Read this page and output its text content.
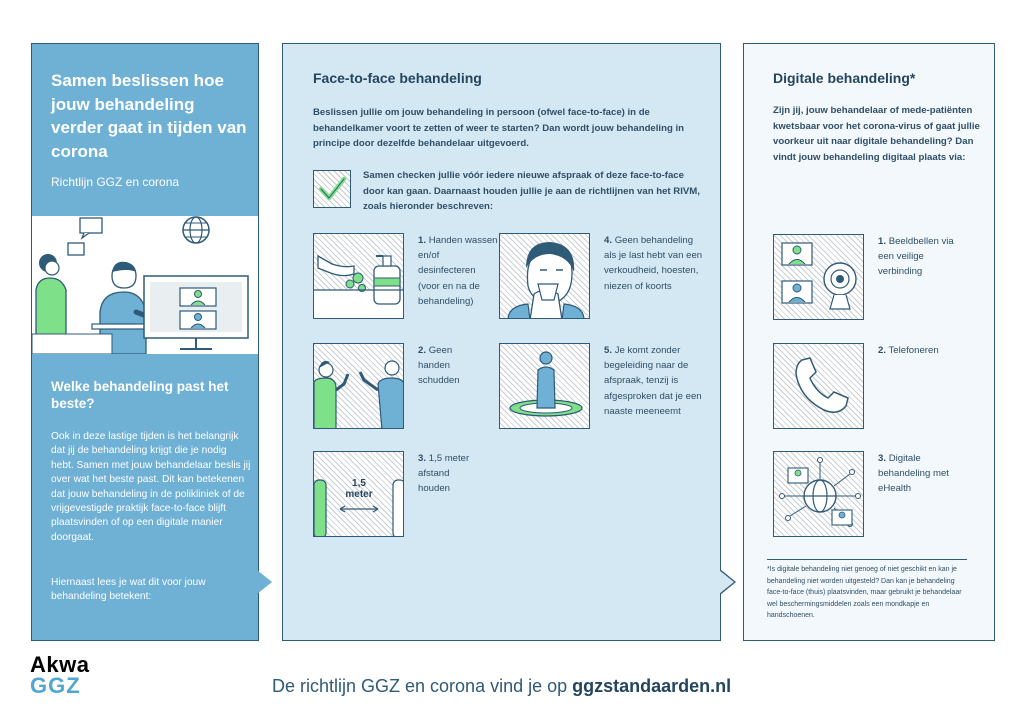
Samen beslissen hoe jouw behandeling verder gaat in tijden van corona
Richtlijn GGZ en corona
Welke behandeling past het beste?
Ook in deze lastige tijden is het belangrijk dat jij de behandeling krijgt die je nodig hebt. Samen met jouw behandelaar beslis jij over wat het beste past. Dit kan betekenen dat jouw behandeling in de polikliniek of de vrijgevestigde praktijk face-to-face blijft plaatsvinden of op een digitale manier doorgaat.
Hiernaast lees je wat dit voor jouw behandeling betekent:
Face-to-face behandeling
Beslissen jullie om jouw behandeling in persoon (ofwel face-to-face) in de behandelkamer voort te zetten of weer te starten? Dan wordt jouw behandeling in principe door dezelfde behandelaar uitgevoerd.
Samen checken jullie vóór iedere nieuwe afspraak of deze face-to-face door kan gaan. Daarnaast houden jullie je aan de richtlijnen van het RIVM, zoals hieronder beschreven:
1. Handen wassen en/of desinfecteren (voor en na de behandeling)
2. Geen handen schudden
1,5
meter
3. 1,5 meter afstand houden
4. Geen behandeling als je last hebt van een verkoudheid, hoesten, niezen of koorts
5. Je komt zonder begeleiding naar de afspraak, tenzij is afgesproken dat je een naaste meeneemt
Digitale behandeling*
Zijn jij, jouw behandelaar of mede-patiënten kwetsbaar voor het corona-virus of gaat jullie voorkeur uit naar digitale behandeling? Dan vindt jouw behandeling digitaal plaats via:
1. Beeldbellen via een veilige verbinding
2. Telefoneren
3. Digitale behandeling met eHealth
*Is digitale behandeling niet genoeg of niet geschikt en kan je behandeling niet worden uitgesteld? Dan kan je behandeling face-to-face (thuis) plaatsvinden, maar gebruikt je behandelaar wel beschermingsmiddelen zoals een mondkapje en handschoenen.
Akwa
GGZ	De richtlijn GGZ en corona vind je op ggzstandaarden.nl
